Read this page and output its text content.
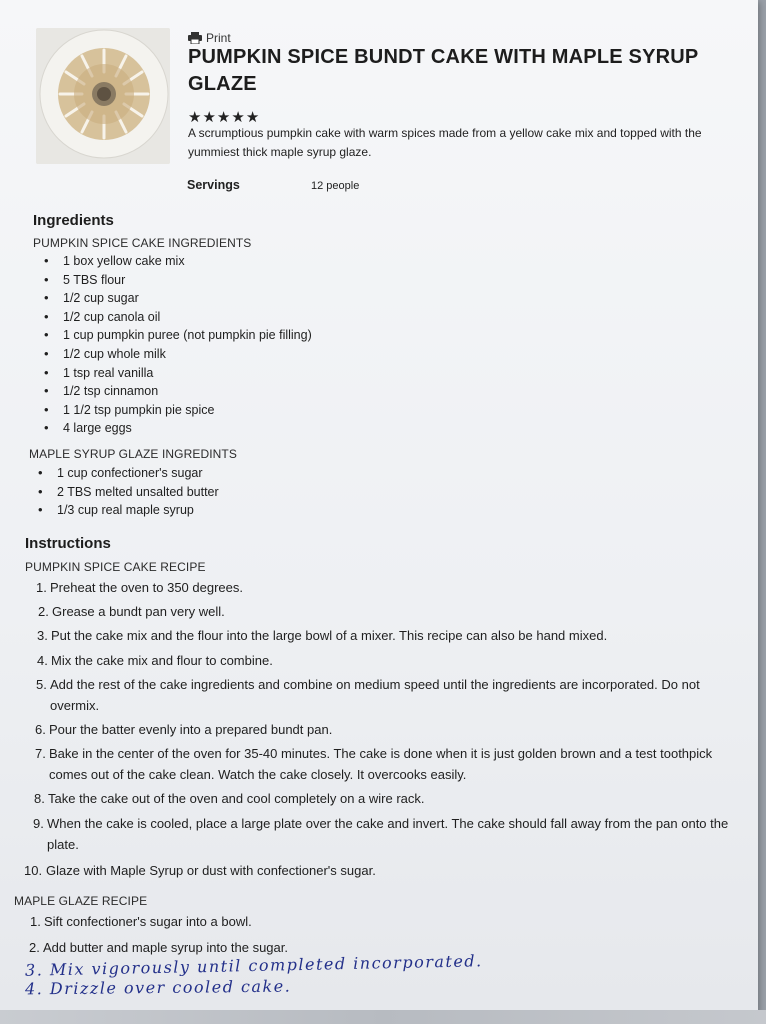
Print
PUMPKIN SPICE BUNDT CAKE WITH MAPLE SYRUP GLAZE
★ ★ ★ ★ ★
A scrumptious pumpkin cake with warm spices made from a yellow cake mix and topped with the yummiest thick maple syrup glaze.
Servings	12 people
Ingredients
PUMPKIN SPICE CAKE INGREDIENTS
• 1 box yellow cake mix
• 5 TBS flour
• 1/2 cup sugar
• 1/2 cup canola oil
• 1 cup pumpkin puree (not pumpkin pie filling)
• 1/2 cup whole milk
• 1 tsp real vanilla
• 1/2 tsp cinnamon
• 1 1/2 tsp pumpkin pie spice
• 4 large eggs
MAPLE SYRUP GLAZE INGREDINTS
• 1 cup confectioner's sugar
• 2 TBS melted unsalted butter
• 1/3 cup real maple syrup
Instructions
PUMPKIN SPICE CAKE RECIPE
1. Preheat the oven to 350 degrees.
2. Grease a bundt pan very well.
3. Put the cake mix and the flour into the large bowl of a mixer. This recipe can also be hand mixed.
4. Mix the cake mix and flour to combine.
5. Add the rest of the cake ingredients and combine on medium speed until the ingredients are incorporated. Do not overmix.
6. Pour the batter evenly into a prepared bundt pan.
7. Bake in the center of the oven for 35-40 minutes. The cake is done when it is just golden brown and a test toothpick comes out of the cake clean. Watch the cake closely. It overcooks easily.
8. Take the cake out of the oven and cool completely on a wire rack.
9. When the cake is cooled, place a large plate over the cake and invert. The cake should fall away from the pan onto the plate.
10. Glaze with Maple Syrup or dust with confectioner's sugar.
MAPLE GLAZE RECIPE
1. Sift confectioner's sugar into a bowl.
2. Add butter and maple syrup into the sugar.
3. Mix vigorously until completed incorporated.
4. Drizzle over cooled cake.
